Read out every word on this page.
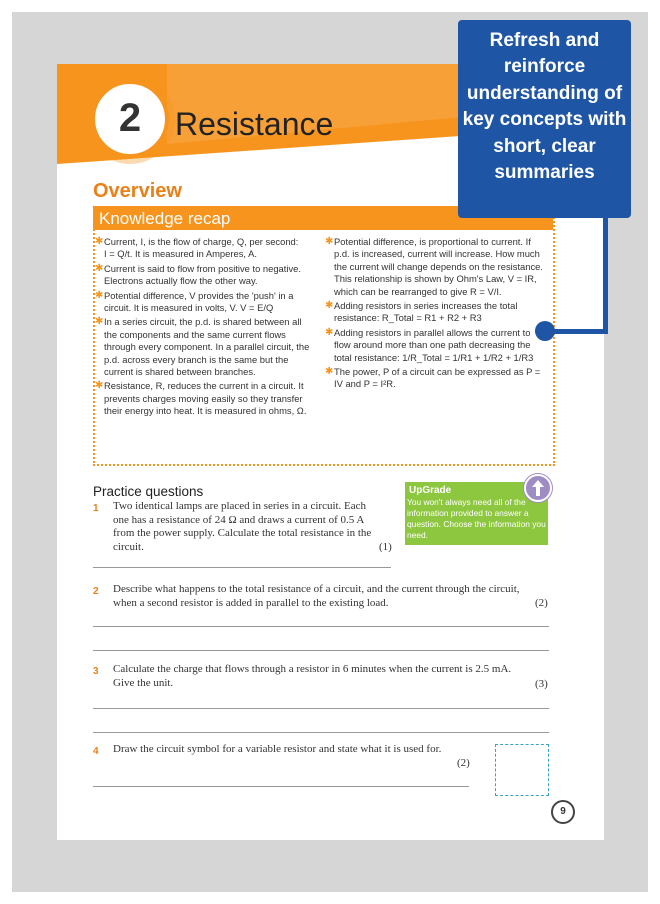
2	Resistance
Overview
Knowledge recap
✱ Current, I, is the flow of charge, Q, per second:
I = Q/t. It is measured in Amperes, A.
✱ Current is said to flow from positive to negative. Electrons actually flow the other way.
✱ Potential difference, V provides the 'push' in a circuit. It is measured in volts, V. V = E/Q
✱ In a series circuit, the p.d. is shared between all the components and the same current flows through every component. In a parallel circuit, the p.d. across every branch is the same but the current is shared between branches.
✱ Resistance, R, reduces the current in a circuit. It prevents charges moving easily so they transfer their energy into heat. It is measured in ohms, Ω.
✱ Potential difference, is proportional to current. If p.d. is increased, current will increase. How much the current will change depends on the resistance. This relationship is shown by Ohm's Law, V = IR, which can be rearranged to give R = V/I.
✱ Adding resistors in series increases the total resistance: R_Total = R1 + R2 + R3
✱ Adding resistors in parallel allows the current to flow around more than one path decreasing the total resistance: 1/R_Total = 1/R1 + 1/R2 + 1/R3
✱ The power, P of a circuit can be expressed as P = IV and P = I²R.
Practice questions	UpGrade
You won't always need all of the information provided to answer a question. Choose the information you need.
1 Two identical lamps are placed in series in a circuit. Each one has a resistance of 24 Ω and draws a current of 0.5 A from the power supply. Calculate the total resistance in the circuit.	(1)
2 Describe what happens to the total resistance of a circuit, and the current through the circuit, when a second resistor is added in parallel to the existing load.	(2)
3 Calculate the charge that flows through a resistor in 6 minutes when the current is 2.5 mA. Give the unit.	(3)
4 Draw the circuit symbol for a variable resistor and state what it is used for.
(2)
9
Refresh and reinforce understanding of key concepts with short, clear summaries
